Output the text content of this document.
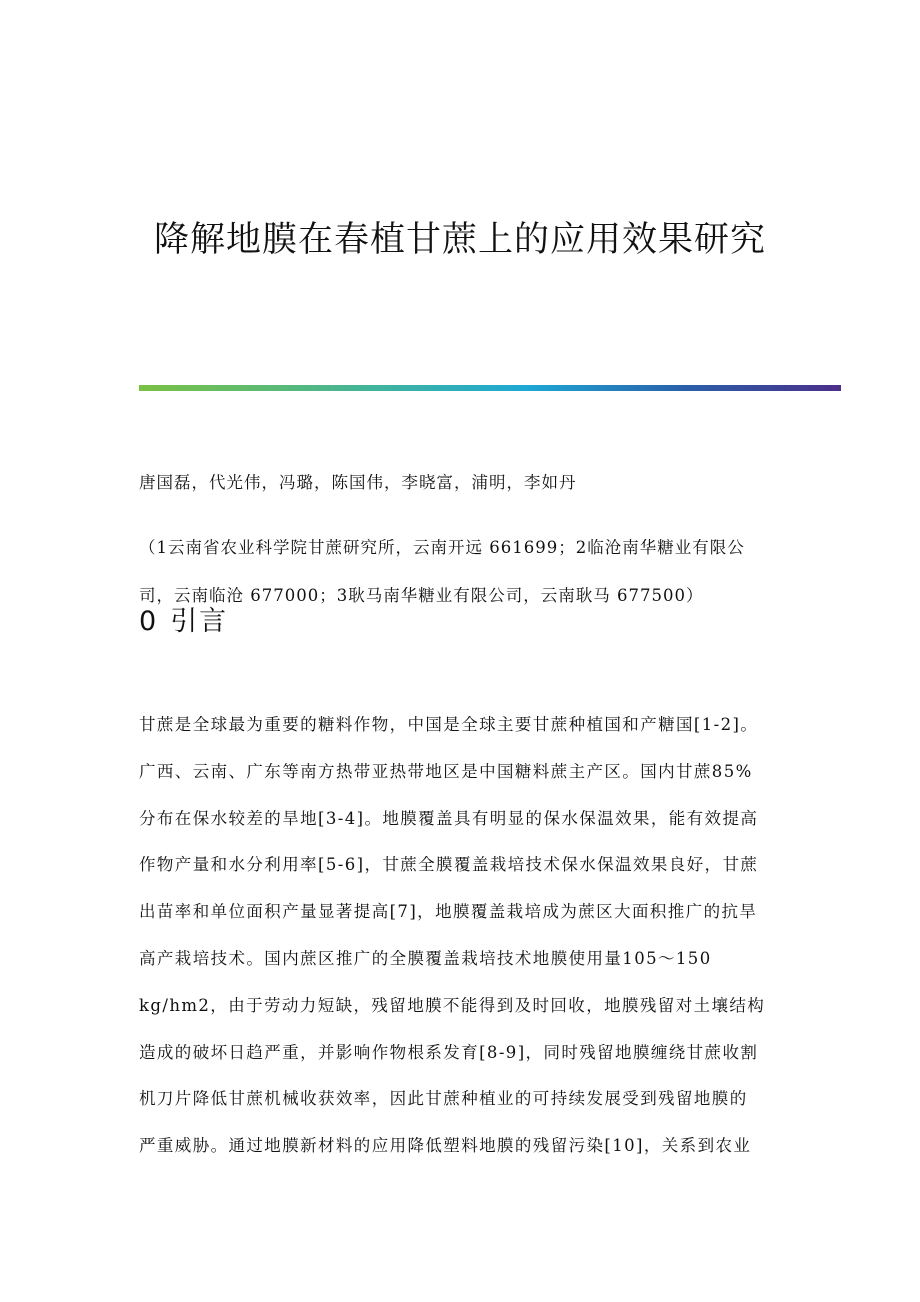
降解地膜在春植甘蔗上的应用效果研究
唐国磊，代光伟，冯璐，陈国伟，李晓富，浦明，李如丹
（1云南省农业科学院甘蔗研究所，云南开远 661699；2临沧南华糖业有限公
司，云南临沧 677000；3耿马南华糖业有限公司，云南耿马 677500）
0 引言
甘蔗是全球最为重要的糖料作物，中国是全球主要甘蔗种植国和产糖国[1-2]。
广西、云南、广东等南方热带亚热带地区是中国糖料蔗主产区。国内甘蔗85%
分布在保水较差的旱地[3-4]。地膜覆盖具有明显的保水保温效果，能有效提高
作物产量和水分利用率[5-6]，甘蔗全膜覆盖栽培技术保水保温效果良好，甘蔗
出苗率和单位面积产量显著提高[7]，地膜覆盖栽培成为蔗区大面积推广的抗旱
高产栽培技术。国内蔗区推广的全膜覆盖栽培技术地膜使用量105～150
kg/hm2，由于劳动力短缺，残留地膜不能得到及时回收，地膜残留对土壤结构
造成的破坏日趋严重，并影响作物根系发育[8-9]，同时残留地膜缠绕甘蔗收割
机刀片降低甘蔗机械收获效率，因此甘蔗种植业的可持续发展受到残留地膜的
严重威胁。通过地膜新材料的应用降低塑料地膜的残留污染[10]，关系到农业
